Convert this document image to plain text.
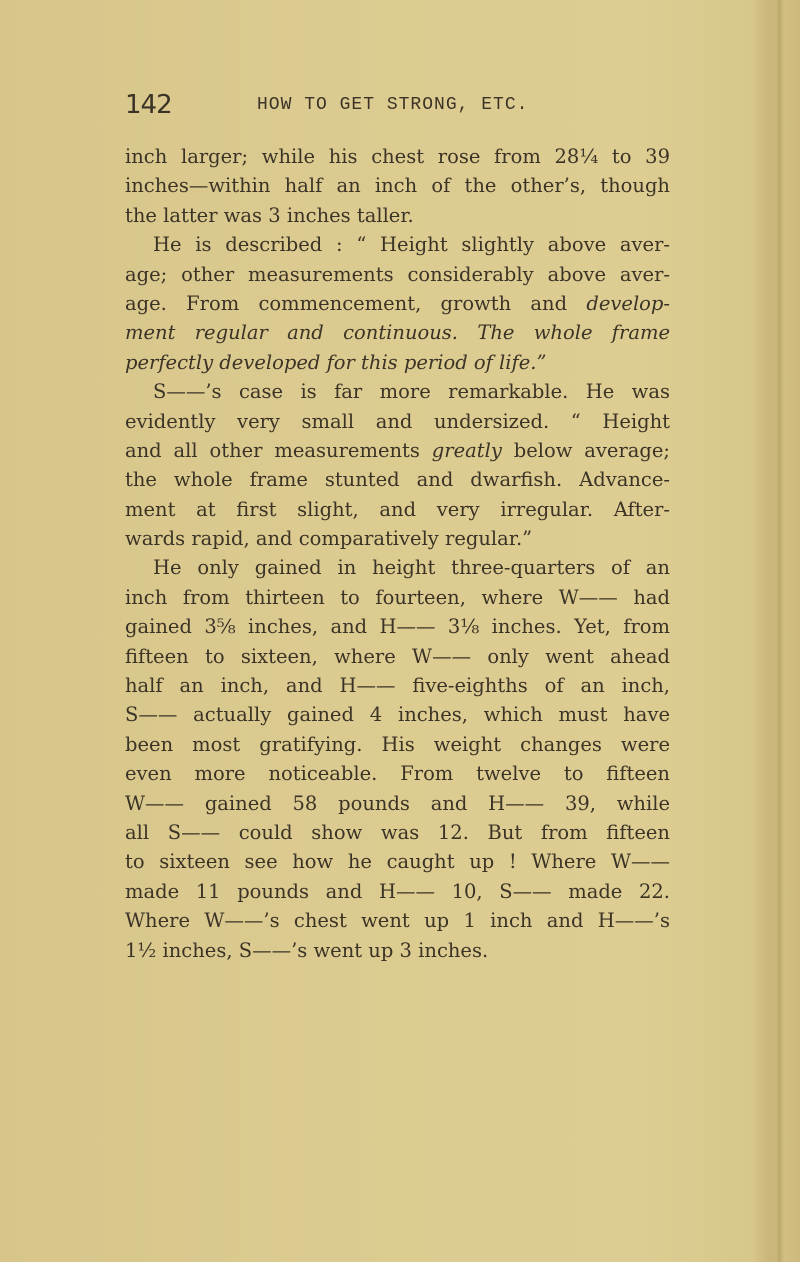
142	HOW TO GET STRONG, ETC.
inch larger; while his chest rose from 28¼ to 39
inches—within half an inch of the other’s, though
the latter was 3 inches taller.
He is described : “ Height slightly above aver-
age; other measurements considerably above aver-
age. From commencement, growth and develop-
ment regular and continuous. The whole frame
perfectly developed for this period of life.”
S——’s case is far more remarkable. He was
evidently very small and undersized. “ Height
and all other measurements greatly below average;
the whole frame stunted and dwarfish. Advance-
ment at first slight, and very irregular. After-
wards rapid, and comparatively regular.”
He only gained in height three-quarters of an
inch from thirteen to fourteen, where W—— had
gained 3⅝ inches, and H—— 3⅛ inches. Yet, from
fifteen to sixteen, where W—— only went ahead
half an inch, and H—— five-eighths of an inch,
S—— actually gained 4 inches, which must have
been most gratifying. His weight changes were
even more noticeable. From twelve to fifteen
W—— gained 58 pounds and H—— 39, while
all S—— could show was 12. But from fifteen
to sixteen see how he caught up ! Where W——
made 11 pounds and H—— 10, S—— made 22.
Where W——’s chest went up 1 inch and H——’s
1½ inches, S——’s went up 3 inches.
